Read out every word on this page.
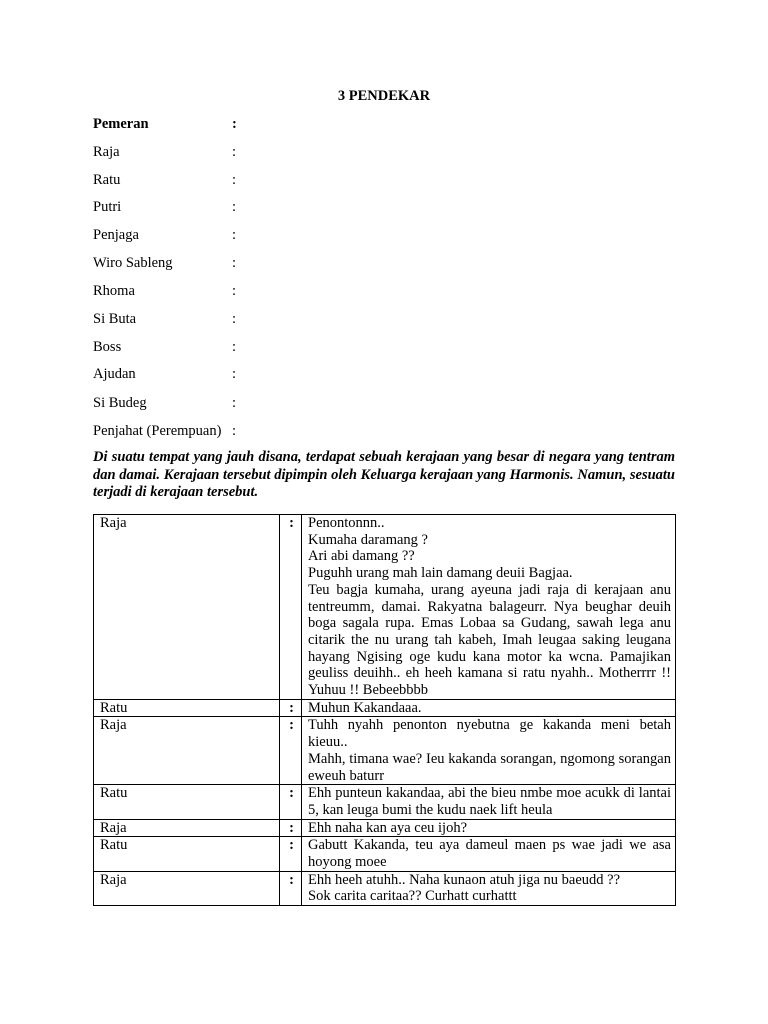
3 PENDEKAR
Pemeran	:
Raja	:
Ratu	:
Putri	:
Penjaga	:
Wiro Sableng	:
Rhoma	:
Si Buta	:
Boss	:
Ajudan	:
Si Budeg	:
Penjahat (Perempuan) :
Di suatu tempat yang jauh disana, terdapat sebuah kerajaan yang besar di negara yang tentram dan damai. Kerajaan tersebut dipimpin oleh Keluarga kerajaan yang Harmonis. Namun, sesuatu terjadi di kerajaan tersebut.
Raja	:	Penontonnn..
Kumaha daramang ?
Ari abi damang ??
Puguhh urang mah lain damang deuii Bagjaa.
Teu bagja kumaha, urang ayeuna jadi raja di kerajaan anu tentreumm, damai. Rakyatna balageurr. Nya beughar deuih boga sagala rupa. Emas Lobaa sa Gudang, sawah lega anu citarik the nu urang tah kabeh, Imah leugaa saking leugana hayang Ngising oge kudu kana motor ka wcna. Pamajikan geuliss deuihh.. eh heeh kamana si ratu nyahh.. Motherrrr !! Yuhuu !! Bebeebbbb

Ratu	:	Muhun Kakandaaa.

Raja	:	Tuhh nyahh penonton nyebutna ge kakanda meni betah kieuu..
Mahh, timana wae? Ieu kakanda sorangan, ngomong sorangan eweuh baturr

Ratu	:	Ehh punteun kakandaa, abi the bieu nmbe moe acukk di lantai 5, kan leuga bumi the kudu naek lift heula

Raja	:	Ehh naha kan aya ceu ijoh?

Ratu	:	Gabutt Kakanda, teu aya dameul maen ps wae jadi we asa hoyong moee

Raja	:	Ehh heeh atuhh.. Naha kunaon atuh jiga nu baeudd ??
Sok carita caritaa?? Curhatt curhattt
